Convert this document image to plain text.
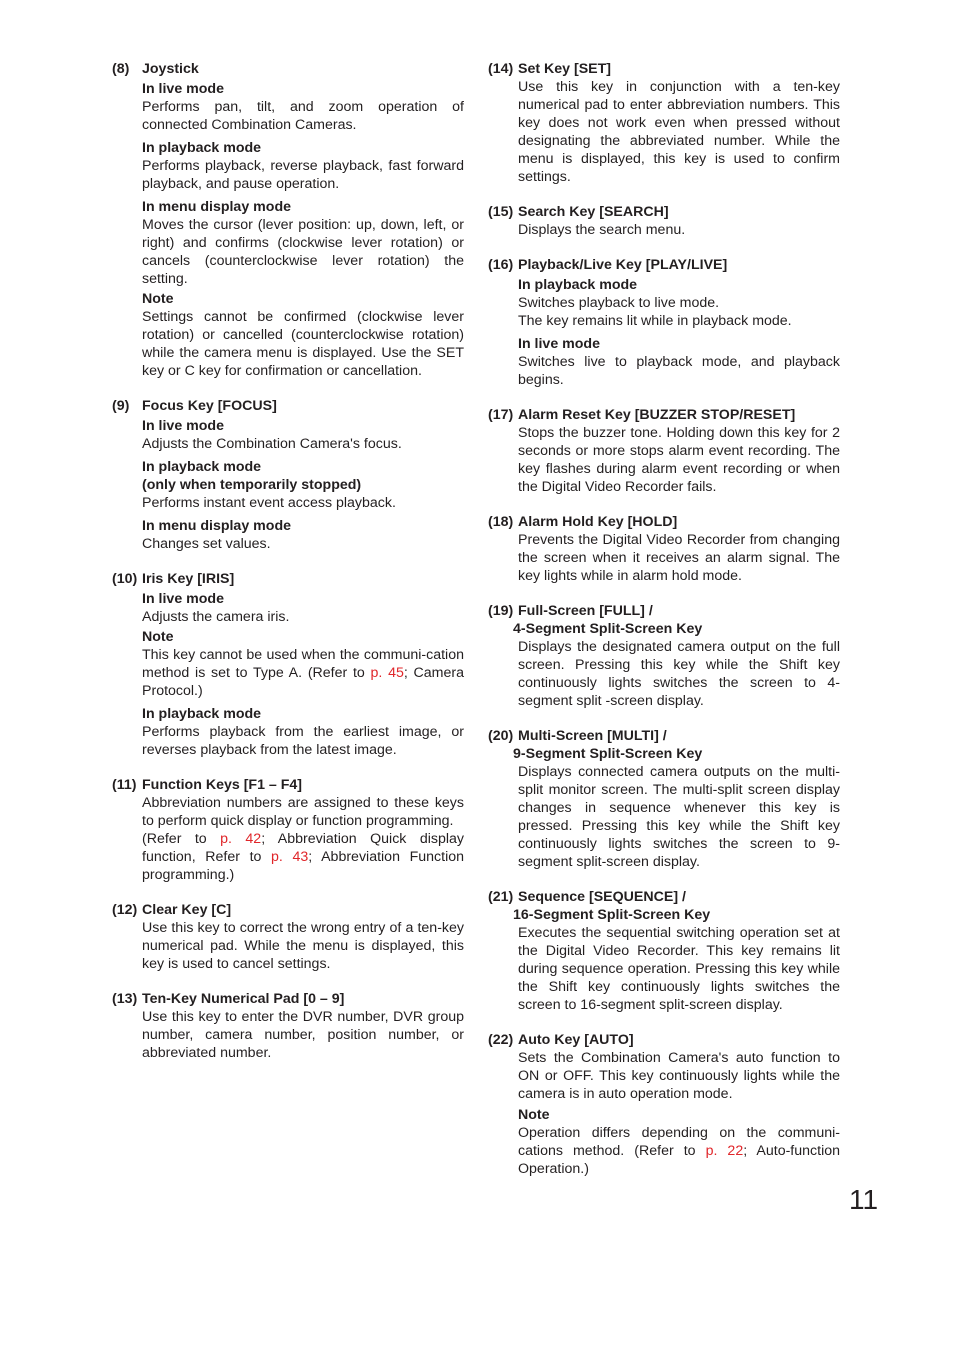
(8) Joystick
In live mode
Performs pan, tilt, and zoom operation of connected Combination Cameras.
In playback mode
Performs playback, reverse playback, fast forward playback, and pause operation.
In menu display mode
Moves the cursor (lever position: up, down, left, or right) and confirms (clockwise lever rotation) or cancels (counterclockwise lever rotation) the setting.
Note
Settings cannot be confirmed (clockwise lever rotation) or cancelled (counterclockwise rotation) while the camera menu is displayed. Use the SET key or C key for confirmation or cancellation.
(9) Focus Key [FOCUS]
In live mode
Adjusts the Combination Camera's focus.
In playback mode
(only when temporarily stopped)
Performs instant event access playback.
In menu display mode
Changes set values.
(10) Iris Key [IRIS]
In live mode
Adjusts the camera iris.
Note
This key cannot be used when the communi-cation method is set to Type A. (Refer to p. 45; Camera Protocol.)
In playback mode
Performs playback from the earliest image, or reverses playback from the latest image.
(11) Function Keys [F1 – F4]
Abbreviation numbers are assigned to these keys to perform quick display or function programming.
(Refer to p. 42; Abbreviation Quick display function, Refer to p. 43; Abbreviation Function programming.)
(12) Clear Key [C]
Use this key to correct the wrong entry of a ten-key numerical pad. While the menu is displayed, this key is used to cancel settings.
(13) Ten-Key Numerical Pad [0 – 9]
Use this key to enter the DVR number, DVR group number, camera number, position number, or abbreviated number.
(14) Set Key [SET]
Use this key in conjunction with a ten-key numerical pad to enter abbreviation numbers. This key does not work even when pressed without designating the abbreviated number. While the menu is displayed, this key is used to confirm settings.
(15) Search Key [SEARCH]
Displays the search menu.
(16) Playback/Live Key [PLAY/LIVE]
In playback mode
Switches playback to live mode.
The key remains lit while in playback mode.
In live mode
Switches live to playback mode, and playback begins.
(17) Alarm Reset Key [BUZZER STOP/RESET]
Stops the buzzer tone. Holding down this key for 2 seconds or more stops alarm event recording. The key flashes during alarm event recording or when the Digital Video Recorder fails.
(18) Alarm Hold Key [HOLD]
Prevents the Digital Video Recorder from changing the screen when it receives an alarm signal. The key lights while in alarm hold mode.
(19) Full-Screen [FULL] /
4-Segment Split-Screen Key
Displays the designated camera output on the full screen. Pressing this key while the Shift key continuously lights switches the screen to 4-segment split -screen display.
(20) Multi-Screen [MULTI] /
9-Segment Split-Screen Key
Displays connected camera outputs on the multi-split monitor screen. The multi-split screen display changes in sequence whenever this key is pressed. Pressing this key while the Shift key continuously lights switches the screen to 9-segment split-screen display.
(21) Sequence [SEQUENCE] /
16-Segment Split-Screen Key
Executes the sequential switching operation set at the Digital Video Recorder. This key remains lit during sequence operation. Pressing this key while the Shift key continuously lights switches the screen to 16-segment split-screen display.
(22) Auto Key [AUTO]
Sets the Combination Camera's auto function to ON or OFF. This key continuously lights while the camera is in auto operation mode.
Note
Operation differs depending on the communi-cations method. (Refer to p. 22; Auto-function Operation.)
11
